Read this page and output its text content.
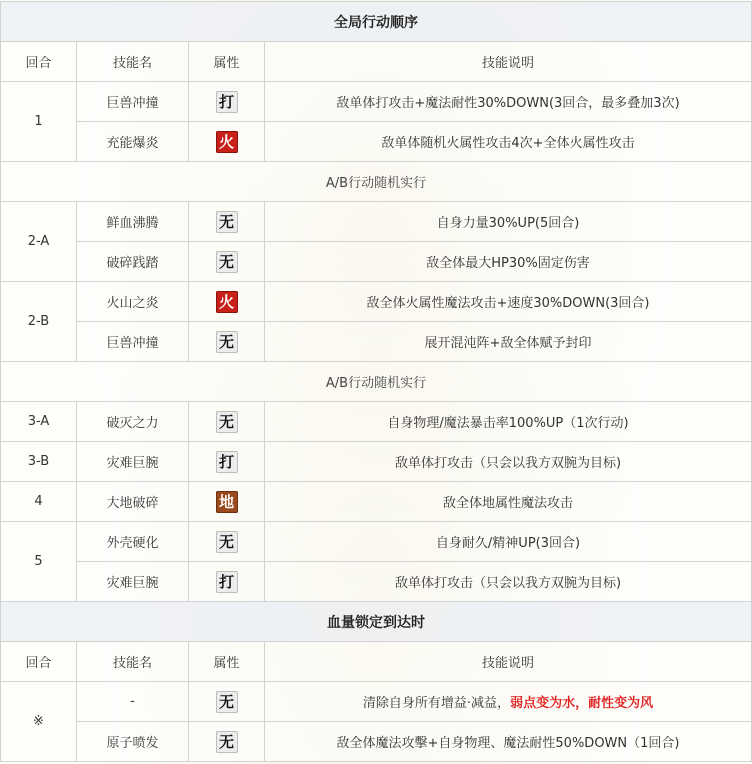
全局行动顺序			
回合	技能名	属性	技能说明
1	巨兽冲撞	打	敌单体打攻击+魔法耐性30%DOWN(3回合，最多叠加3次)
	充能爆炎	火	敌单体随机火属性攻击4次+全体火属性攻击
A/B行动随机实行			
2-A	鲜血沸腾	无	自身力量30%UP(5回合)
	破碎践踏	无	敌全体最大HP30%固定伤害
2-B	火山之炎	火	敌全体火属性魔法攻击+速度30%DOWN(3回合)
	巨兽冲撞	无	展开混沌阵+敌全体赋予封印
A/B行动随机实行			
3-A	破灭之力	无	自身物理/魔法暴击率100%UP（1次行动)
3-B	灾难巨腕	打	敌单体打攻击（只会以我方双腕为目标)
4	大地破碎	地	敌全体地属性魔法攻击
5	外壳硬化	无	自身耐久/精神UP(3回合)
	灾难巨腕	打	敌单体打攻击（只会以我方双腕为目标)
血量锁定到达时			
回合	技能名	属性	技能说明
※	-	无	清除自身所有增益·减益，弱点变为水，耐性变为风
	原子喷发	无	敌全体魔法攻擊+自身物理、魔法耐性50%DOWN（1回合)
